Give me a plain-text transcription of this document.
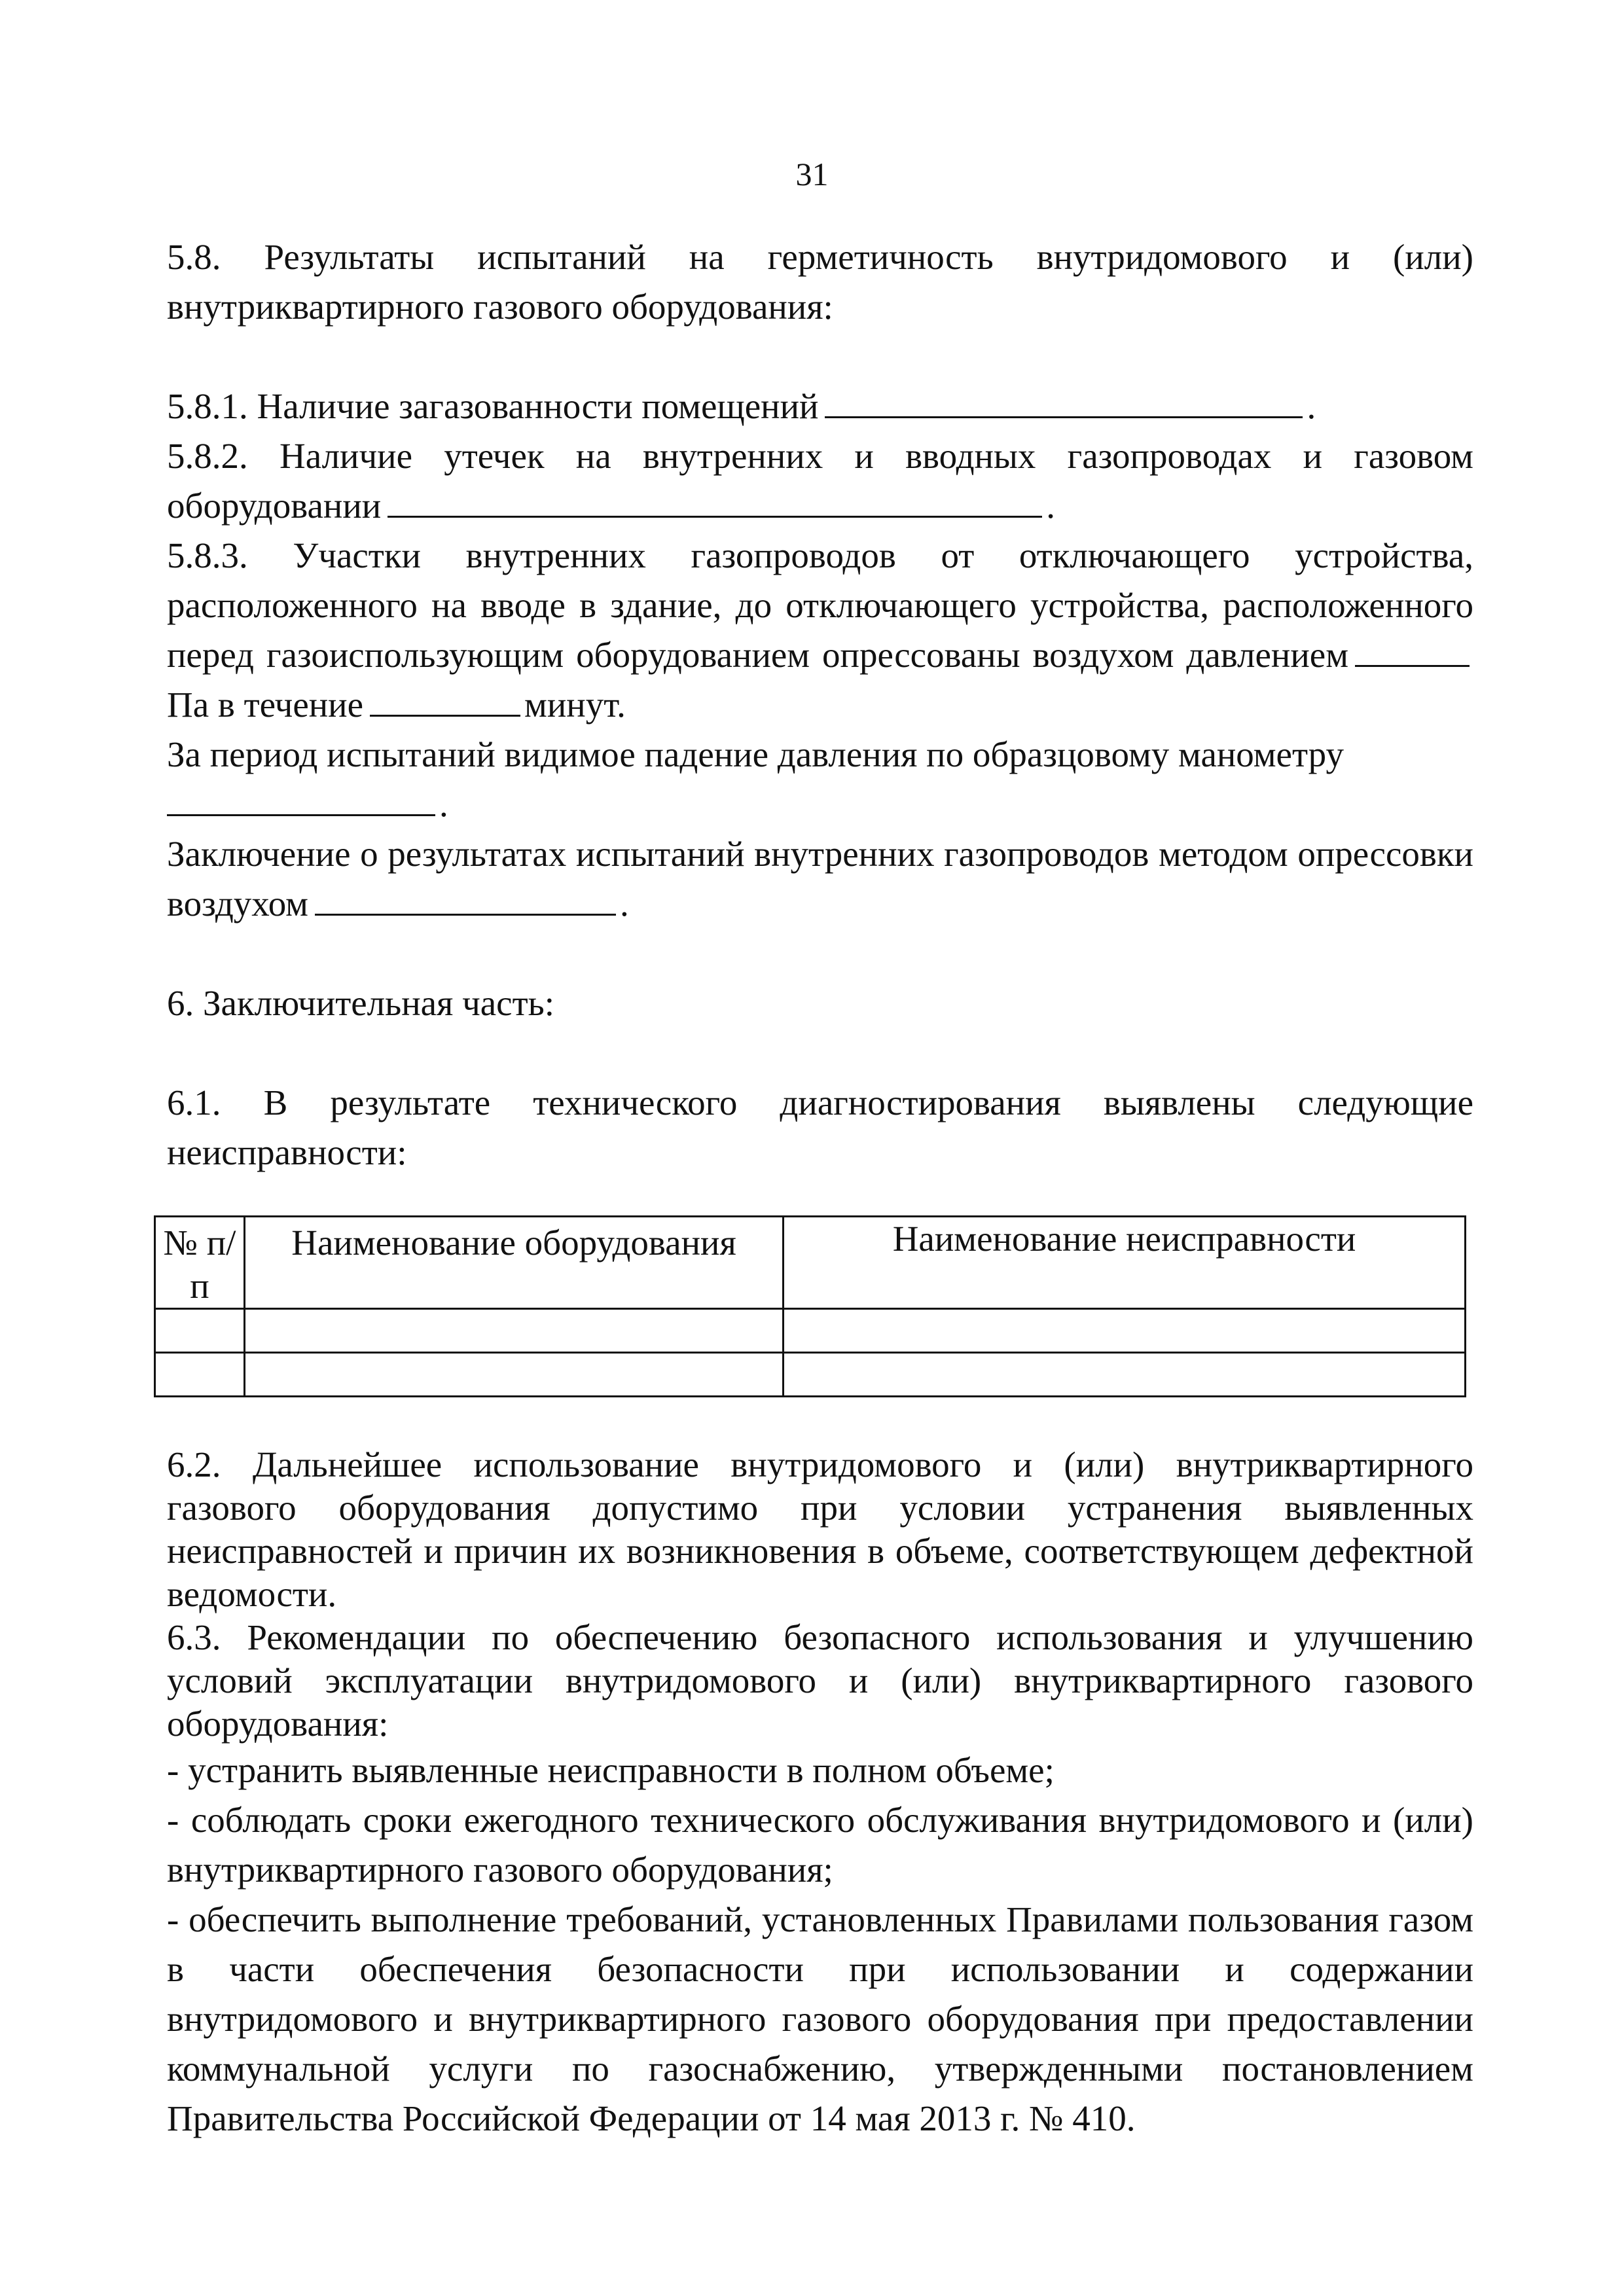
31

5.8. Результаты испытаний на герметичность внутридомового и (или) внутриквартирного газового оборудования:

5.8.1. Наличие загазованности помещений	.

5.8.2. Наличие утечек на внутренних и вводных газопроводах и газовом оборудовании	.

5.8.3. Участки внутренних газопроводов от отключающего устройства, расположенного на вводе в здание, до отключающего устройства, расположенного перед газоиспользующим оборудованием опрессованы воздухом давлениемПа в течение	минут.

За период испытаний видимое падение давления по образцовому манометру

.

Заключение о результатах испытаний внутренних газопроводов методом опрессовки воздухом	.

6. Заключительная часть:

6.1. В результате технического диагностирования выявлены следующие неисправности:

№ п/п	Наименование оборудования	Наименование неисправности

6.2. Дальнейшее использование внутридомового и (или) внутриквартирного газового оборудования допустимо при условии устранения выявленных неисправностей и причин их возникновения в объеме, соответствующем дефектной ведомости.

6.3. Рекомендации по обеспечению безопасного использования и улучшению условий эксплуатации внутридомового и (или) внутриквартирного газового оборудования:

- устранить выявленные неисправности в полном объеме;

- соблюдать сроки ежегодного технического обслуживания внутридомового и (или) внутриквартирного газового оборудования;

- обеспечить выполнение требований, установленных Правилами пользования газом в части обеспечения безопасности при использовании и содержании внутридомового и внутриквартирного газового оборудования при предоставлении коммунальной услуги по газоснабжению, утвержденными постановлением Правительства Российской Федерации от 14 мая 2013 г. № 410.
